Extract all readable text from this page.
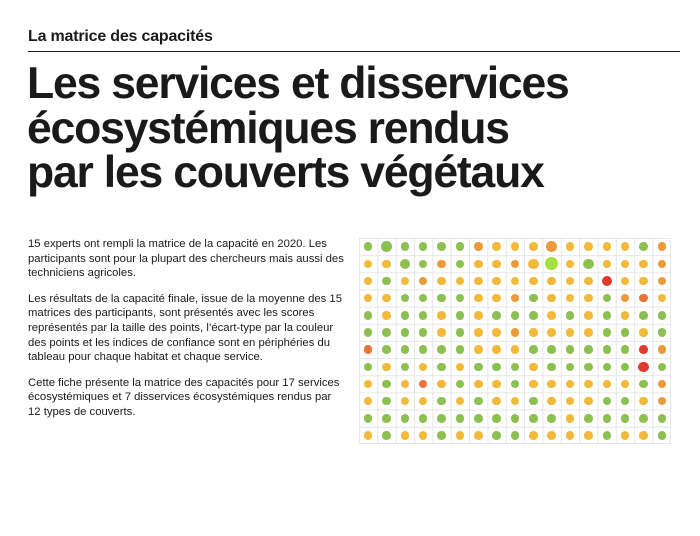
La matrice des capacités
Les services et disservices
écosystémiques rendus
par les couverts végétaux

15 experts ont rempli la matrice de la capacité en 2020. Les participants sont pour la plupart des chercheurs mais aussi des techniciens agricoles.

Les résultats de la capacité finale, issue de la moyenne des 15 matrices des participants, sont présentés avec les scores représentés par la taille des points, l’écart-type par la couleur des points et les indices de confiance sont en périphéries du tableau pour chaque habitat et chaque service.

Cette fiche présente la matrice des capacités pour 17 services écosystémiques et 7 disservices écosystémiques rendus par 12 types de couverts.
